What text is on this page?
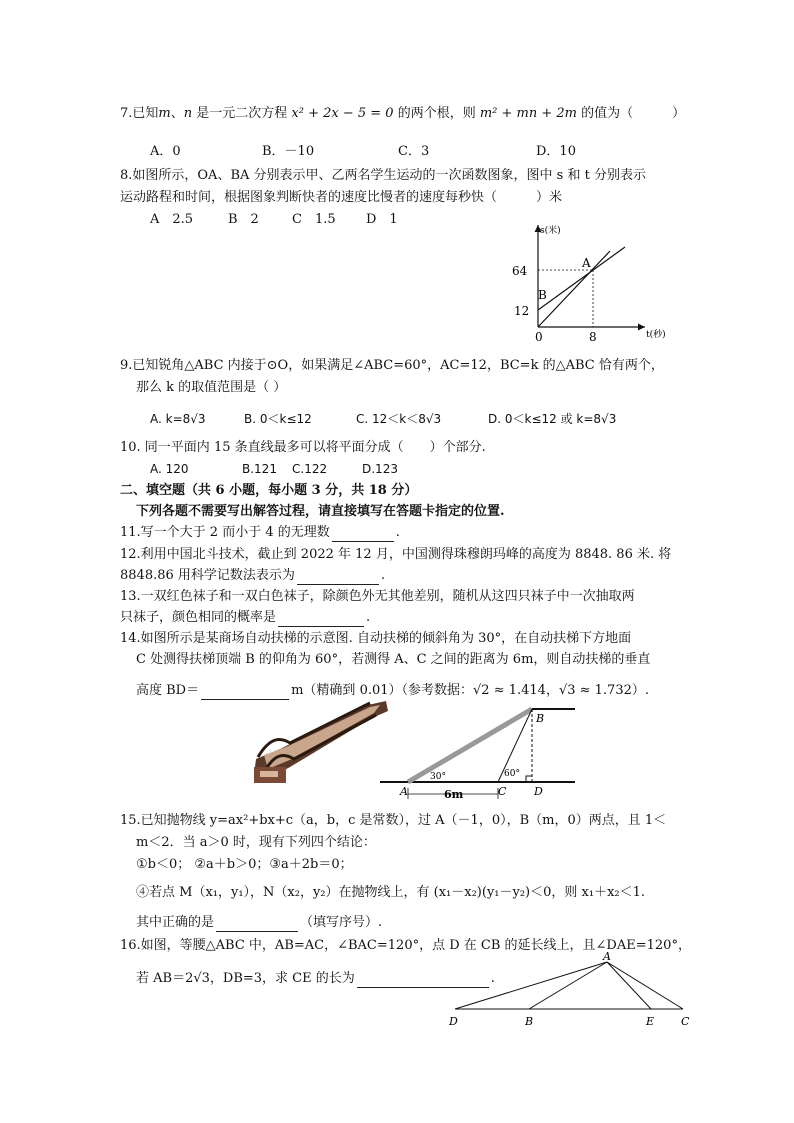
7.已知m、n 是一元二次方程 x² + 2x − 5 = 0 的两个根，则 m² + mn + 2m 的值为（　　　）
A．0	B．－10	C．3	D．10
8.如图所示，OA、BA 分别表示甲、乙两名学生运动的一次函数图象，图中 s 和 t 分别表示
运动路程和时间，根据图象判断快者的速度比慢者的速度每秒快（　　　）米
A　2.5	B　2	C　1.5 D　1
s(米)
t(秒)
64
12
0	8
A
B
9.已知锐角△ABC 内接于⊙O，如果满足∠ABC=60°，AC=12，BC=k 的△ABC 恰有两个，
那么 k 的取值范围是（ ）
A. k=8√3	B. 0＜k≤12	C. 12＜k＜8√3	D. 0＜k≤12 或 k=8√3
10. 同一平面内 15 条直线最多可以将平面分成（　　）个部分.
A. 120	B.121 C.122	D.123
二、填空题（共 6 小题，每小题 3 分，共 18 分）
下列各题不需要写出解答过程，请直接填写在答题卡指定的位置.
11.写一个大于 2 而小于 4 的无理数	.
12.利用中国北斗技术，截止到 2022 年 12 月，中国测得珠穆朗玛峰的高度为 8848. 86 米. 将
8848.86 用科学记数法表示为	.
13.一双红色袜子和一双白色袜子，除颜色外无其他差别，随机从这四只袜子中一次抽取两
只袜子，颜色相同的概率是	.
14.如图所示是某商场自动扶梯的示意图. 自动扶梯的倾斜角为 30°，在自动扶梯下方地面
C 处测得扶梯顶端 B 的仰角为 60°，若测得 A、C 之间的距离为 6m，则自动扶梯的垂直
高度 BD＝	m（精确到 0.01）（参考数据：√2 ≈ 1.414，√3 ≈ 1.732）.
A
B
C	D
30°	60°
6m
15.已知抛物线 y=ax²+bx+c（a，b，c 是常数），过 A（－1，0），B（m，0）两点，且 1＜
m＜2．当 a＞0 时，现有下列四个结论：
①b＜0； ②a＋b＞0；③a＋2b＝0；
④若点 M（x₁，y₁），N（x₂，y₂）在抛物线上，有 (x₁－x₂)(y₁－y₂)＜0，则 x₁＋x₂＜1.
其中正确的是	（填写序号）.
16.如图，等腰△ABC 中，AB=AC，∠BAC=120°，点 D 在 CB 的延长线上，且∠DAE=120°，
若 AB＝2√3，DB=3，求 CE 的长为	.
A
D	B	E C
